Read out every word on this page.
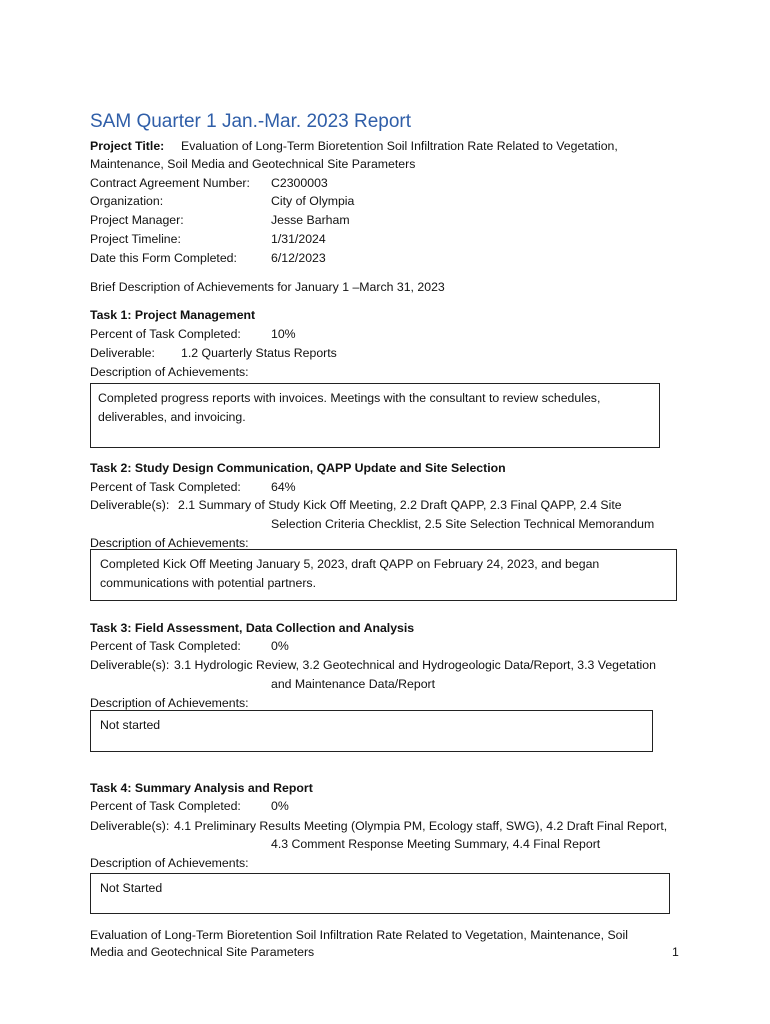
SAM Quarter 1 Jan.-Mar. 2023 Report
Project Title: Evaluation of Long-Term Bioretention Soil Infiltration Rate Related to Vegetation,
Maintenance, Soil Media and Geotechnical Site Parameters
Contract Agreement Number: C2300003
Organization:	City of Olympia
Project Manager:	Jesse Barham
Project Timeline:	1/31/2024
Date this Form Completed:	6/12/2023
Brief Description of Achievements for January 1 –March 31, 2023
Task 1: Project Management
Percent of Task Completed: 10%
Deliverable: 1.2 Quarterly Status Reports
Description of Achievements:
Completed progress reports with invoices. Meetings with the consultant to review schedules, deliverables, and invoicing.
Task 2: Study Design Communication, QAPP Update and Site Selection
Percent of Task Completed: 64%
Deliverable(s): 2.1 Summary of Study Kick Off Meeting, 2.2 Draft QAPP, 2.3 Final QAPP, 2.4 Site
Selection Criteria Checklist, 2.5 Site Selection Technical Memorandum
Description of Achievements:
Completed Kick Off Meeting January 5, 2023, draft QAPP on February 24, 2023, and began communications with potential partners.
Task 3: Field Assessment, Data Collection and Analysis
Percent of Task Completed: 0%
Deliverable(s): 3.1 Hydrologic Review, 3.2 Geotechnical and Hydrogeologic Data/Report, 3.3 Vegetation
and Maintenance Data/Report
Description of Achievements:
Not started
Task 4: Summary Analysis and Report
Percent of Task Completed: 0%
Deliverable(s): 4.1 Preliminary Results Meeting (Olympia PM, Ecology staff, SWG), 4.2 Draft Final Report,
4.3 Comment Response Meeting Summary, 4.4 Final Report
Description of Achievements:
Not Started
Evaluation of Long-Term Bioretention Soil Infiltration Rate Related to Vegetation, Maintenance, Soil
Media and Geotechnical Site Parameters	1
